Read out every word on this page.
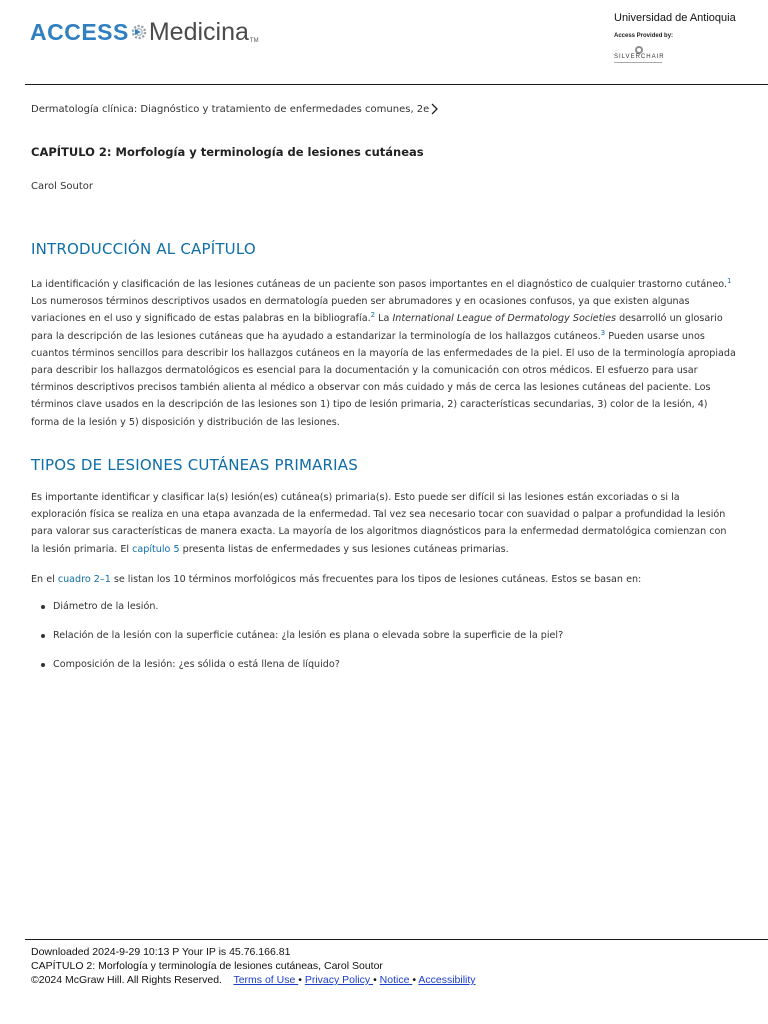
ACCESS Medicina TM
Universidad de Antioquia
Access Provided by:
SILVERCHAIR
Dermatología clínica: Diagnóstico y tratamiento de enfermedades comunes, 2e
CAPÍTULO 2: Morfología y terminología de lesiones cutáneas
Carol Soutor
INTRODUCCIÓN AL CAPÍTULO

La identificación y clasificación de las lesiones cutáneas de un paciente son pasos importantes en el diagnóstico de cualquier trastorno cutáneo.$^1$ Los numerosos términos descriptivos usados en dermatología pueden ser abrumadores y en ocasiones confusos, ya que existen algunas variaciones en el uso y significado de estas palabras en la bibliografía.$^2$ La International League of Dermatology Societies desarrolló un glosario para la descripción de las lesiones cutáneas que ha ayudado a estandarizar la terminología de los hallazgos cutáneos.$^3$ Pueden usarse unos cuantos términos sencillos para describir los hallazgos cutáneos en la mayoría de las enfermedades de la piel. El uso de la terminología apropiada para describir los hallazgos dermatológicos es esencial para la documentación y la comunicación con otros médicos. El esfuerzo para usar términos descriptivos precisos también alienta al médico a observar con más cuidado y más de cerca las lesiones cutáneas del paciente. Los términos clave usados en la descripción de las lesiones son 1) tipo de lesión primaria, 2) características secundarias, 3) color de la lesión, 4) forma de la lesión y 5) disposición y distribución de las lesiones.

TIPOS DE LESIONES CUTÁNEAS PRIMARIAS

Es importante identificar y clasificar la(s) lesión(es) cutánea(s) primaria(s). Esto puede ser difícil si las lesiones están excoriadas o si la exploración física se realiza en una etapa avanzada de la enfermedad. Tal vez sea necesario tocar con suavidad o palpar a profundidad la lesión para valorar sus características de manera exacta. La mayoría de los algoritmos diagnósticos para la enfermedad dermatológica comienzan con la lesión primaria. El capítulo 5 presenta listas de enfermedades y sus lesiones cutáneas primarias.

En el cuadro 2–1 se listan los 10 términos morfológicos más frecuentes para los tipos de lesiones cutáneas. Estos se basan en:

Diámetro de la lesión.
Relación de la lesión con la superficie cutánea: ¿la lesión es plana o elevada sobre la superficie de la piel?
Composición de la lesión: ¿es sólida o está llena de líquido?
Downloaded 2024-9-29 10:13 P Your IP is 45.76.166.81
CAPÍTULO 2: Morfología y terminología de lesiones cutáneas, Carol Soutor
©2024 McGraw Hill. All Rights Reserved. Terms of Use • Privacy Policy • Notice • Accessibility
